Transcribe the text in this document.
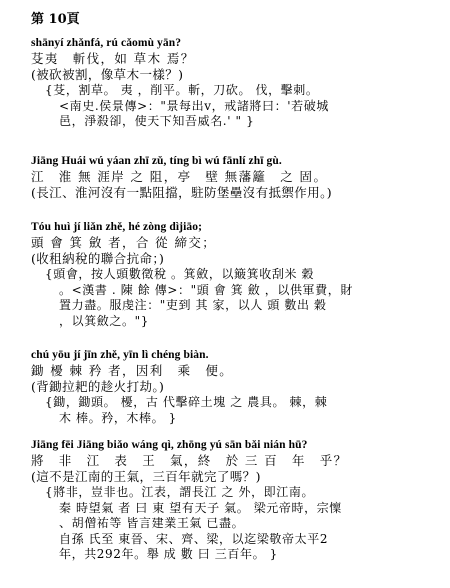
第 10頁
shānyí zhǎnfá, rú cǎomù yān?
芟夷　斬伐，如 草木 焉？
(被砍被割，像草木一樣？)
{芟，割草。 夷 ，削平。斬，刀砍。 伐，擊刺。
<南史.侯景傳>："景每出v，戒諸將曰：'若破城
邑，淨殺卻，使天下知吾威名.' " }
Jiāng Huái wú yáan zhī zǔ, tíng bì wú fānlí zhī gù.
江　淮 無 涯岸 之 阻，亭　壁 無藩籬　之 固。
(長江、淮河沒有一點阻擋，駐防堡壘沒有抵禦作用。)
Tóu huì jí liǎn zhě, hé zòng dìjiāo;
頭 會 箕 斂 者，合 從 締交；
(收租納稅的聯合抗命；)
{頭會，按人頭數徵稅 。箕斂，以簸箕收刮米 穀
。<漢書 . 陳 餘 傳>："頭 會 箕 斂 ，以供軍費，財
置力盡。服虔注："吏到 其 家，以人 頭 數出 穀
，以箕斂之。"}
chú yōu jí jīn zhě, yīn lì chéng biàn.
鋤 櫌 棘 矜 者，因利　乘　便。
(背鋤拉耙的趁火打劫。)
{鋤，鋤頭。 櫌，古 代擊碎土塊 之 農具。 棘，棘
木 棒。矜，木棒。 }
Jiāng fēi Jiāng biǎo wáng qì, zhōng yú sān bǎi nián hū?
將　非　江　表　王　氣，終　於 三 百　年　乎？
(這不是江南的王氣，三百年就完了嗎？)
{將非，豈非也。江表，謂長江 之 外，即江南。
秦 時望氣 者 曰 東 望有天子 氣。 梁元帝時，宗懍
、胡僧祐等 皆言建業王氣 已盡。
自孫 氏至 東晉、宋、齊、梁，以迄梁敬帝太平2
年，共292年。舉 成 數 曰 三百年。 }
